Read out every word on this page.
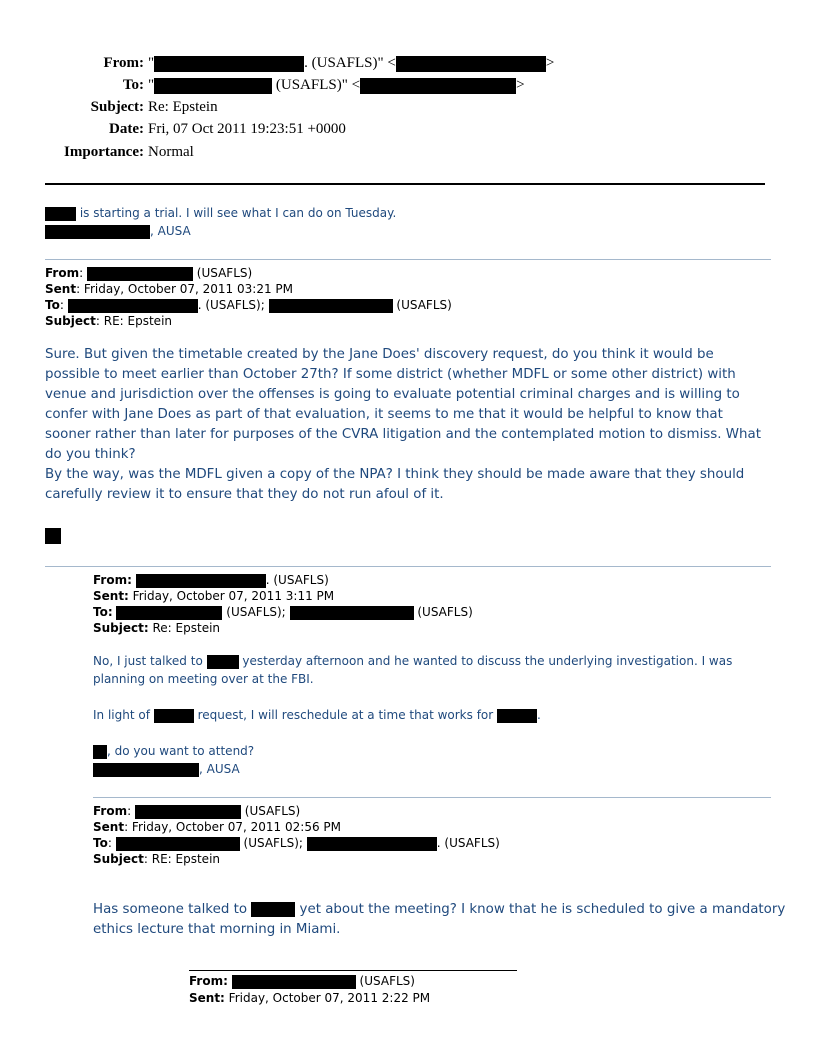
From: "	. (USAFLS)" <	>
To: "	(USAFLS)" <	>
Subject: Re: Epstein
Date: Fri, 07 Oct 2011 19:23:51 +0000
Importance: Normal
is starting a trial. I will see what I can do on Tuesday.
, AUSA
From:	(USAFLS)
Sent: Friday, October 07, 2011 03:21 PM
To:	. (USAFLS);	(USAFLS)
Subject: RE: Epstein
Sure. But given the timetable created by the Jane Does' discovery request, do you think it would be possible to meet earlier than October 27th? If some district (whether MDFL or some other district) with venue and jurisdiction over the offenses is going to evaluate potential criminal charges and is willing to confer with Jane Does as part of that evaluation, it seems to me that it would be helpful to know that sooner rather than later for purposes of the CVRA litigation and the contemplated motion to dismiss. What do you think?
By the way, was the MDFL given a copy of the NPA? I think they should be made aware that they should carefully review it to ensure that they do not run afoul of it.
From:	. (USAFLS)
Sent: Friday, October 07, 2011 3:11 PM
To:	(USAFLS);	(USAFLS)
Subject: Re: Epstein
No, I just talked to	yesterday afternoon and he wanted to discuss the underlying investigation. I was
planning on meeting over at the FBI.
In light of	request, I will reschedule at a time that works for	.
, do you want to attend?
, AUSA
From:	(USAFLS)
Sent: Friday, October 07, 2011 02:56 PM
To:	(USAFLS);	. (USAFLS)
Subject: RE: Epstein
Has someone talked to	yet about the meeting? I know that he is scheduled to give a mandatory
ethics lecture that morning in Miami.
From:	(USAFLS)
Sent: Friday, October 07, 2011 2:22 PM
